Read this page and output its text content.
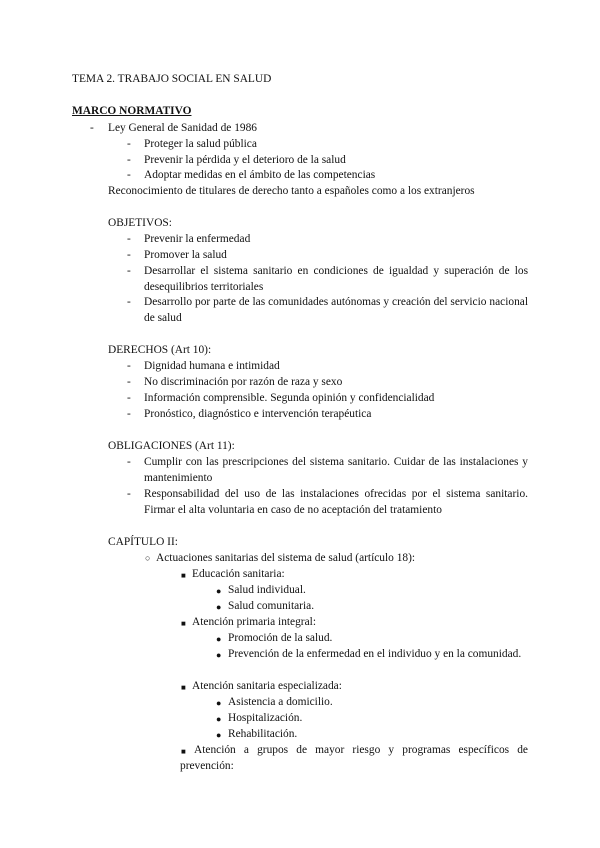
TEMA 2. TRABAJO SOCIAL EN SALUD
MARCO NORMATIVO
- Ley General de Sanidad de 1986
- Proteger la salud pública
- Prevenir la pérdida y el deterioro de la salud
- Adoptar medidas en el ámbito de las competencias
Reconocimiento de titulares de derecho tanto a españoles como a los extranjeros
OBJETIVOS:
- Prevenir la enfermedad
- Promover la salud
- Desarrollar el sistema sanitario en condiciones de igualdad y superación de los desequilibrios territoriales
- Desarrollo por parte de las comunidades autónomas y creación del servicio nacional de salud
DERECHOS (Art 10):
- Dignidad humana e intimidad
- No discriminación por razón de raza y sexo
- Información comprensible. Segunda opinión y confidencialidad
- Pronóstico, diagnóstico e intervención terapéutica
OBLIGACIONES (Art 11):
- Cumplir con las prescripciones del sistema sanitario. Cuidar de las instalaciones y mantenimiento
- Responsabilidad del uso de las instalaciones ofrecidas por el sistema sanitario. Firmar el alta voluntaria en caso de no aceptación del tratamiento
CAPÍTULO II:
○ Actuaciones sanitarias del sistema de salud (artículo 18):
■ Educación sanitaria:
● Salud individual.
● Salud comunitaria.
■ Atención primaria integral:
● Promoción de la salud.
● Prevención de la enfermedad en el individuo y en la comunidad.
■ Atención sanitaria especializada:
● Asistencia a domicilio.
● Hospitalización.
● Rehabilitación.
■ Atención a grupos de mayor riesgo y programas específicos de prevención:
